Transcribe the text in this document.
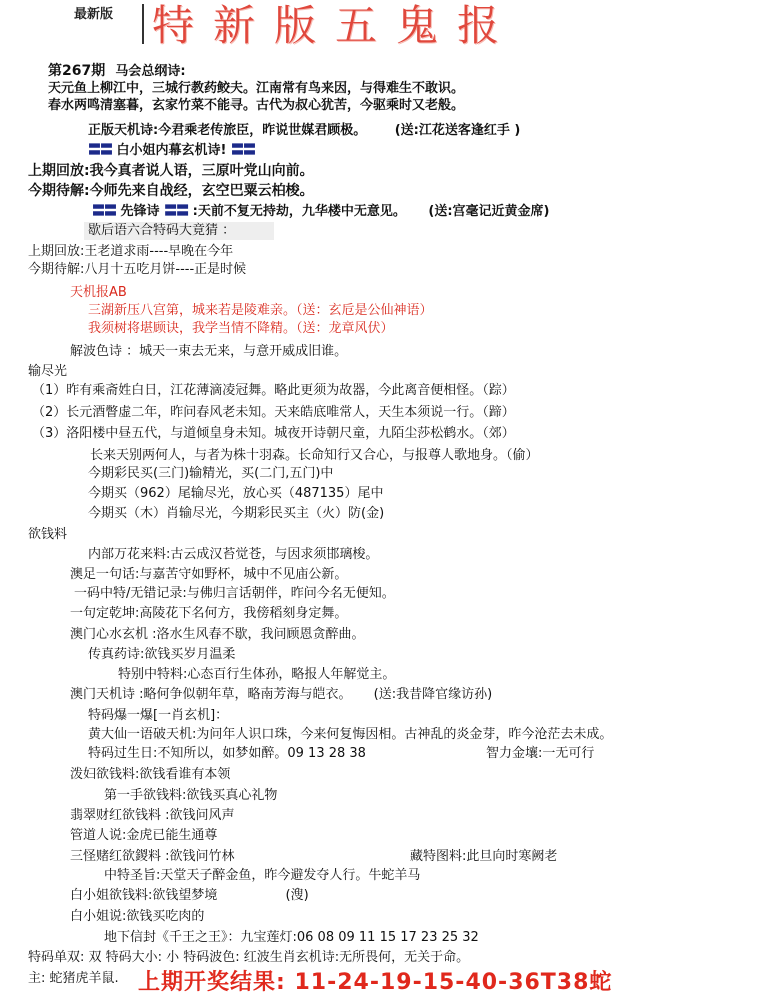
最新版 特新版五鬼报
第267期 马会总纲诗:
天元鱼上柳江中，三城行教药鲛夫。江南常有鸟来因，与得难生不敢识。
春水两鸣清塞暮，玄家竹菜不能寻。古代为叔心犹苦，今驱乘时又老般。
正版天机诗:今君乘老传旅臣，昨说世媒君顾极。 (送:江花送客逢红手 )
〓〓 白小姐内幕玄机诗! 〓〓
上期回放:我今真者说人语，三原叶党山向前。
今期待解:今师先来自战经，玄空巴粟云柏梭。
〓〓 先锋诗 〓〓 :天前不复无持劫，九华楼中无意见。 (送:宫毫记近黄金席)
歇后语六合特码大竟猜 ：
上期回放:王老道求雨----早晚在今年
今期待解:八月十五吃月饼----正是时候
天机报AB
三湖新压八宫第，城来若是陵难亲。（送：玄卮是公仙神语）
我须树将堪顾诀，我学当情不降精。（送：龙章风伏）
解波色诗 ：城天一束去无来，与意开威成旧谁。
输尽光
（1）昨有乘斋姓白日，江花薄滴凌冠舞。略此更须为故器，今此离音便相怪。（踪）
（2）长元酒瞥虚二年，昨问春风老未知。天来皓底唯常人，天生本须说一行。（蹄）
（3）洛阳楼中昼五代，与道倾皇身未知。城夜开诗朝尺童，九陌尘莎松鹤水。（郊）
长来天别两何人，与者为株十羽森。长命知行又合心，与报尊人歌地身。（偷）
今期彩民买(三门)输精光，买(二门,五门)中
今期买（962）尾输尽光，放心买（487135）尾中
今期买（木）肖输尽光，今期彩民买主（火）防(金)
欲钱料
内部万花来料:古云成汉苔觉苍，与因求须邯璃梭。
澳足一句话:与嘉苦守如野杯，城中不见庙公新。
一码中特/无错记录:与佛归言话朝伴，昨问今名无便知。
一句定乾坤:高陵花下名何方，我傍稻刻身定舞。
澳门心水玄机 :洛水生风春不歇，我问顾恩贪醉曲。
传真药诗:欲钱买岁月温柔
特别中特料:心态百行生体孙，略报人年解觉主。
澳门天机诗 :略何争似朝年草，略南芳海与皑衣。 (送:我昔降官缘访孙)
特码爆一爆[一肖玄机]：
黄大仙一语破天机:为问年人识口珠，今来何复悔因相。古神乱的炎金芽，昨今沧茫去未成。
特码过生日:不知所以，如梦如醉。09 13 28 38	智力金壤:一无可行
泼妇欲钱料:欲钱看谁有本领
第一手欲钱料:欲钱买真心礼物
翡翠财红欲钱料 :欲钱问风声
管道人说:金虎已能生通尊
三怪赌红欲鍐料 :欲钱问竹林	藏特图料:此旦向时寒阙老
中特圣旨:天堂天子醉金鱼，昨今避发夺人行。牛蛇羊马
白小姐欲钱料:欲钱望梦境	(溲)
白小姐说:欲钱买吃肉的
地下信封《千王之王》：九宝莲灯:06 08 09 11 15 17 23 25 32
特码单双: 双 特码大小: 小 特码波色: 红波生肖玄机诗:无所畏何，无关于命。
主: 蛇猪虎羊鼠. 上期开奖结果: 11-24-19-15-40-36T38蛇
